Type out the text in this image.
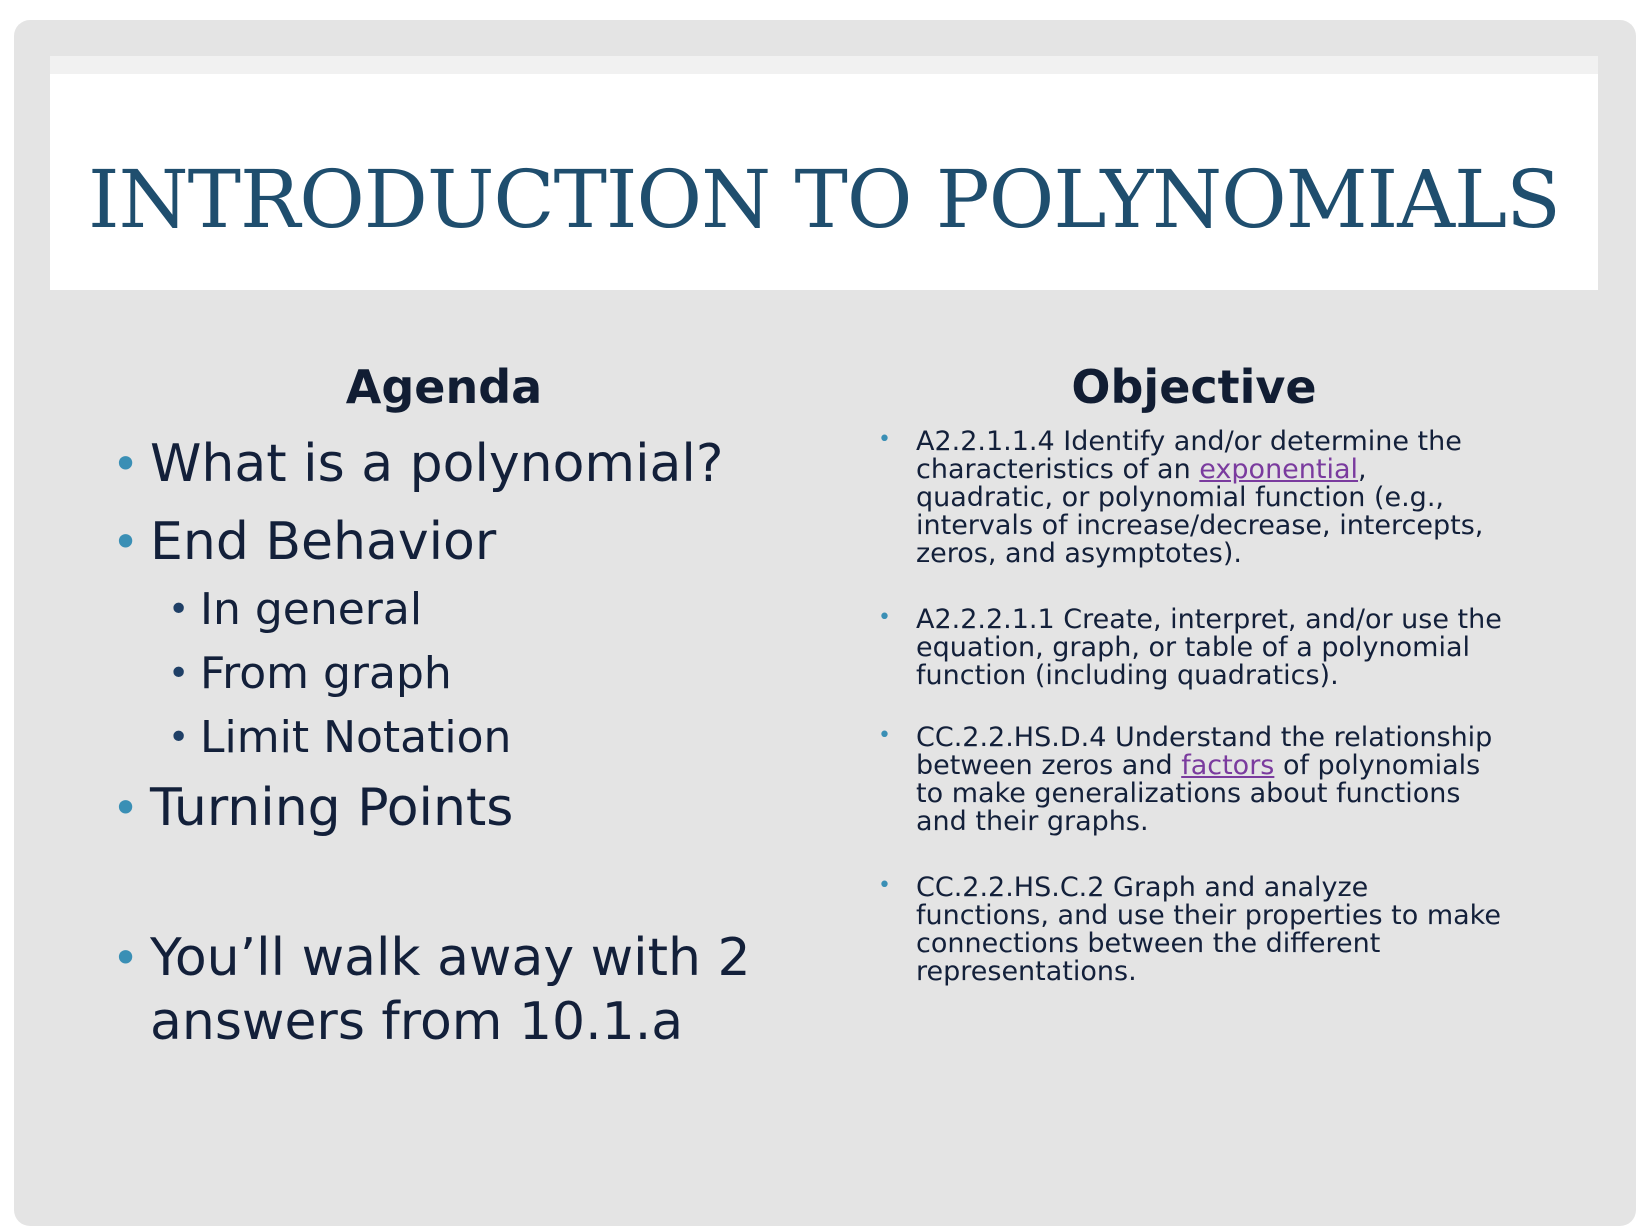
INTRODUCTION TO POLYNOMIALS
Agenda	Objective
• What is a polynomial?
• End Behavior
• In general
• From graph
• Limit Notation
• Turning Points
• You’ll walk away with 2
answers from 10.1.a
• A2.2.1.1.4 Identify and/or determine the
characteristics of an exponential,
quadratic, or polynomial function (e.g.,
intervals of increase/decrease, intercepts,
zeros, and asymptotes).
• A2.2.2.1.1 Create, interpret, and/or use the
equation, graph, or table of a polynomial
function (including quadratics).
• CC.2.2.HS.D.4 Understand the relationship
between zeros and factors of polynomials
to make generalizations about functions
and their graphs.
• CC.2.2.HS.C.2 Graph and analyze
functions, and use their properties to make
connections between the different
representations.
